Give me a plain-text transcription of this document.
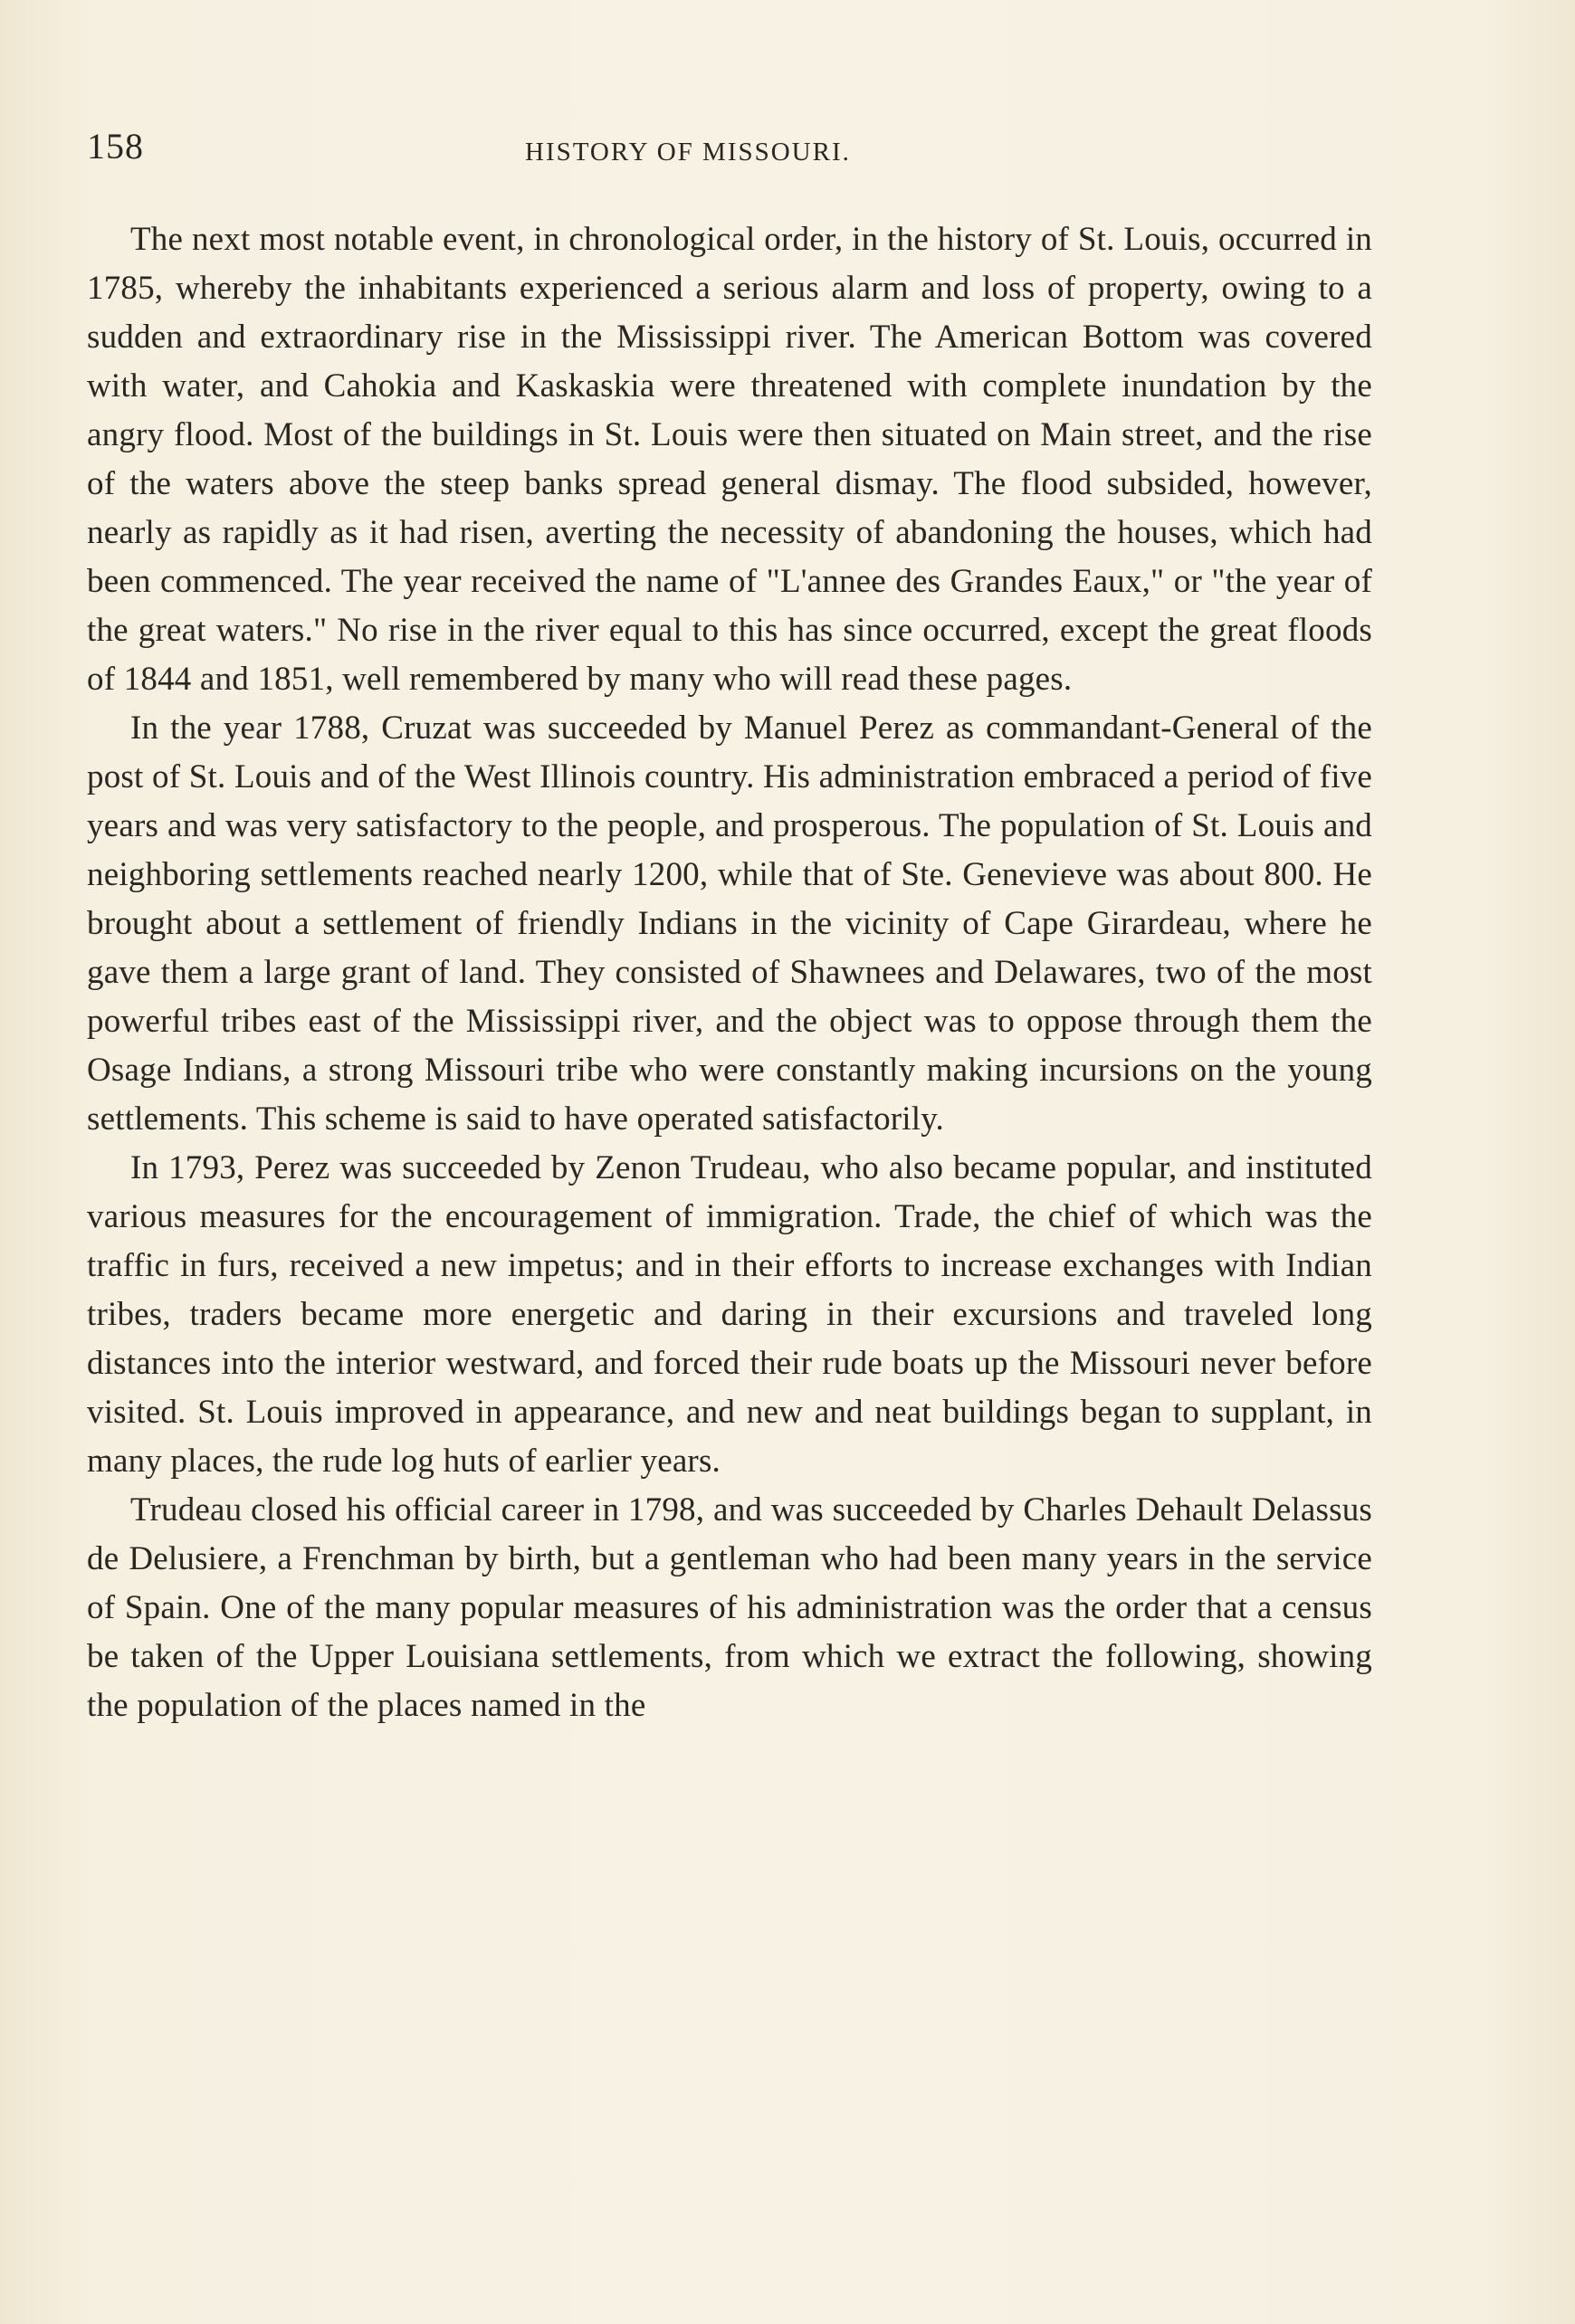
158	HISTORY OF MISSOURI.

The next most notable event, in chronological order, in the history of St. Louis, occurred in 1785, whereby the inhabitants experienced a serious alarm and loss of property, owing to a sudden and extraordinary rise in the Mississippi river. The American Bottom was covered with water, and Cahokia and Kaskaskia were threatened with complete inundation by the angry flood. Most of the buildings in St. Louis were then situated on Main street, and the rise of the waters above the steep banks spread general dismay. The flood subsided, however, nearly as rapidly as it had risen, averting the necessity of abandoning the houses, which had been commenced. The year received the name of "L'annee des Grandes Eaux," or "the year of the great waters." No rise in the river equal to this has since occurred, except the great floods of 1844 and 1851, well remembered by many who will read these pages.

In the year 1788, Cruzat was succeeded by Manuel Perez as commandant-General of the post of St. Louis and of the West Illinois country. His administration embraced a period of five years and was very satisfactory to the people, and prosperous. The population of St. Louis and neighboring settlements reached nearly 1200, while that of Ste. Genevieve was about 800. He brought about a settlement of friendly Indians in the vicinity of Cape Girardeau, where he gave them a large grant of land. They consisted of Shawnees and Delawares, two of the most powerful tribes east of the Mississippi river, and the object was to oppose through them the Osage Indians, a strong Missouri tribe who were constantly making incursions on the young settlements. This scheme is said to have operated satisfactorily.

In 1793, Perez was succeeded by Zenon Trudeau, who also became popular, and instituted various measures for the encouragement of immigration. Trade, the chief of which was the traffic in furs, received a new impetus; and in their efforts to increase exchanges with Indian tribes, traders became more energetic and daring in their excursions and traveled long distances into the interior westward, and forced their rude boats up the Missouri never before visited. St. Louis improved in appearance, and new and neat buildings began to supplant, in many places, the rude log huts of earlier years.

Trudeau closed his official career in 1798, and was succeeded by Charles Dehault Delassus de Delusiere, a Frenchman by birth, but a gentleman who had been many years in the service of Spain. One of the many popular measures of his administration was the order that a census be taken of the Upper Louisiana settlements, from which we extract the following, showing the population of the places named in the
